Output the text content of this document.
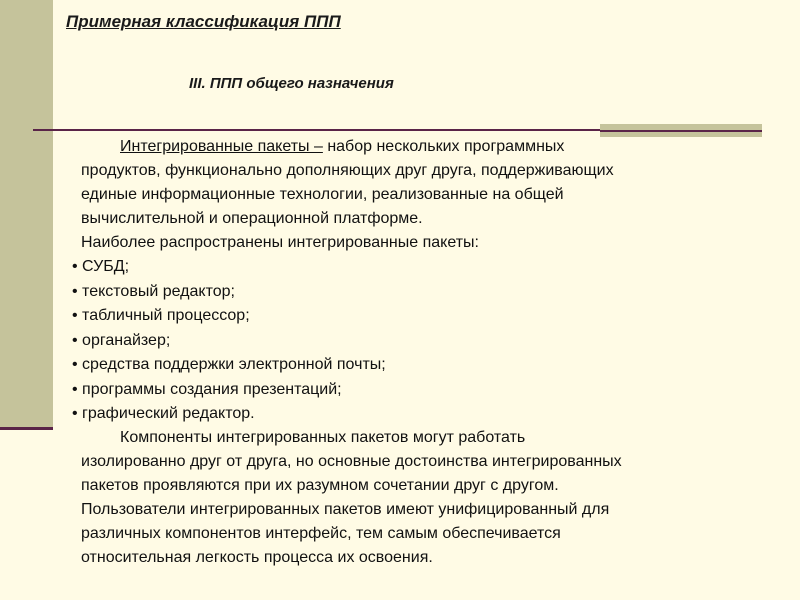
Примерная классификация ППП
III. ППП общего назначения
Интегрированные пакеты – набор нескольких программных
продуктов, функционально дополняющих друг друга, поддерживающих
единые информационные технологии, реализованные на общей
вычислительной и операционной платформе.
Наиболее распространены интегрированные пакеты:
• СУБД;
• текстовый редактор;
• табличный процессор;
• органайзер;
• средства поддержки электронной почты;
• программы создания презентаций;
• графический редактор.
Компоненты интегрированных пакетов могут работать
изолированно друг от друга, но основные достоинства интегрированных
пакетов проявляются при их разумном сочетании друг с другом.
Пользователи интегрированных пакетов имеют унифицированный для
различных компонентов интерфейс, тем самым обеспечивается
относительная легкость процесса их освоения.
